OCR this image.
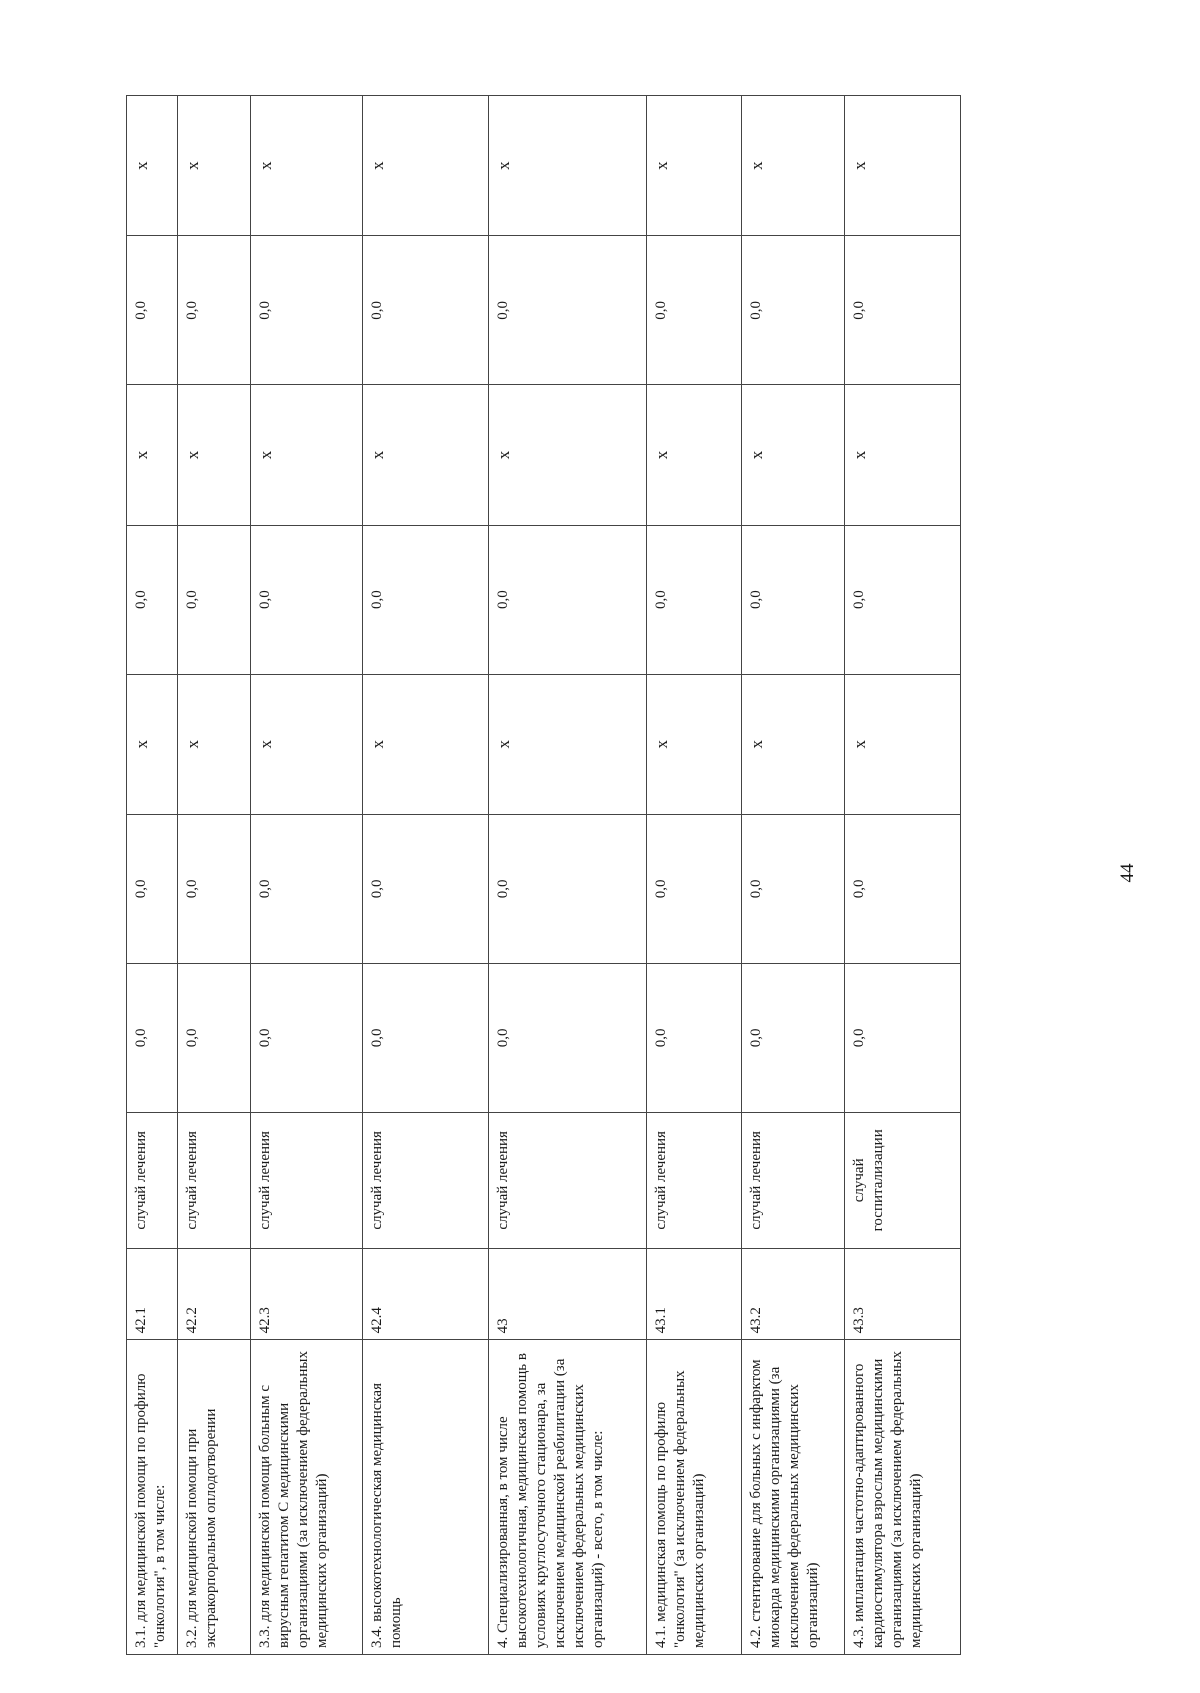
3.1. для медицинской помощи по профилю "онкология", в том числе:	42.1	случай лечения	0,0	0,0	x	0,0	x	0,0	x
3.2. для медицинской помощи при экстракорпоральном оплодотворении	42.2	случай лечения	0,0	0,0	x	0,0	x	0,0	x
3.3. для медицинской помощи больным с вирусным гепатитом С медицинскими организациями (за исключением федеральных медицинских организаций)	42.3	случай лечения	0,0	0,0	x	0,0	x	0,0	x
3.4. высокотехнологическая медицинская помощь	42.4	случай лечения	0,0	0,0	x	0,0	x	0,0	x
4. Специализированная, в том числе высокотехнологичная, медицинская помощь в условиях круглосуточного стационара, за исключением медицинской реабилитации (за исключением федеральных медицинских организаций) - всего, в том числе:	43	случай лечения	0,0	0,0	x	0,0	x	0,0	x
4.1. медицинская помощь по профилю "онкология" (за исключением федеральных медицинских организаций)	43.1	случай лечения	0,0	0,0	x	0,0	x	0,0	x
4.2. стентирование для больных с инфарктом миокарда медицинскими организациями (за исключением федеральных медицинских организаций)	43.2	случай лечения	0,0	0,0	x	0,0	x	0,0	x
4.3. имплантация частотно-адаптированного кардиостимулятора взрослым медицинскими организациями (за исключением федеральных медицинских организаций)	43.3	случай госпитализации	0,0	0,0	x	0,0	x	0,0	x
44
